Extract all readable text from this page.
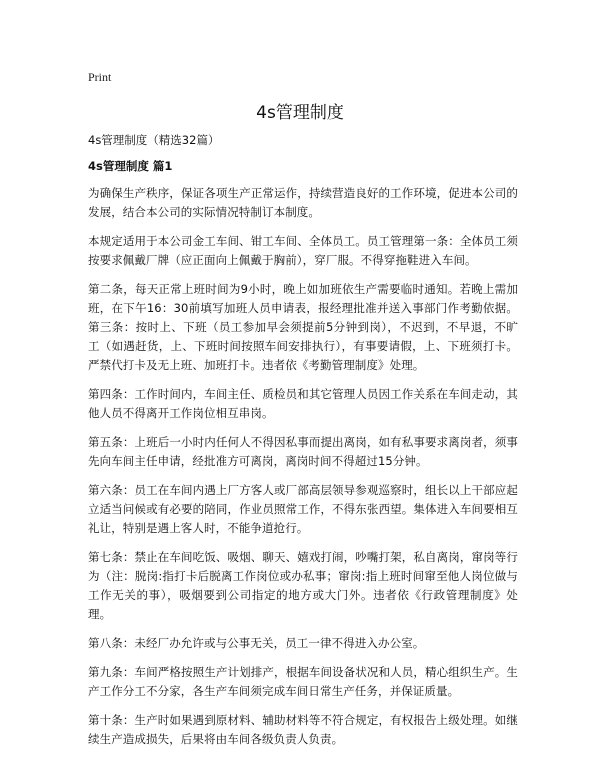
Print
4s管理制度

4s管理制度（精选32篇）

4s管理制度 篇1

为确保生产秩序，保证各项生产正常运作，持续营造良好的工作环境，促进本公司的发展，结合本公司的实际情况特制订本制度。

本规定适用于本公司金工车间、钳工车间、全体员工。员工管理第一条：全体员工须按要求佩戴厂牌（应正面向上佩戴于胸前），穿厂服。不得穿拖鞋进入车间。

第二条，每天正常上班时间为9小时，晚上如加班依生产需要临时通知。若晚上需加班，在下午16：30前填写加班人员申请表，报经理批准并送入事部门作考勤依据。第三条：按时上、下班（员工参加早会须提前5分钟到岗），不迟到，不早退，不旷工（如遇赶货，上、下班时间按照车间安排执行），有事要请假，上、下班须打卡。严禁代打卡及无上班、加班打卡。违者依《考勤管理制度》处理。

第四条：工作时间内，车间主任、质检员和其它管理人员因工作关系在车间走动，其他人员不得离开工作岗位相互串岗。

第五条：上班后一小时内任何人不得因私事而提出离岗，如有私事要求离岗者，须事先向车间主任申请，经批准方可离岗，离岗时间不得超过15分钟。

第六条：员工在车间内遇上厂方客人或厂部高层领导参观巡察时，组长以上干部应起立适当问候或有必要的陪同，作业员照常工作，不得东张西望。集体进入车间要相互礼让，特别是遇上客人时，不能争道抢行。

第七条：禁止在车间吃饭、吸烟、聊天、嬉戏打闹，吵嘴打架，私自离岗，窜岗等行为（注：脱岗:指打卡后脱离工作岗位或办私事；窜岗:指上班时间窜至他人岗位做与工作无关的事），吸烟要到公司指定的地方或大门外。违者依《行政管理制度》处理。

第八条：未经厂办允许或与公事无关，员工一律不得进入办公室。

第九条：车间严格按照生产计划排产，根据车间设备状况和人员，精心组织生产。生产工作分工不分家，各生产车间须完成车间日常生产任务，并保证质量。

第十条：生产时如果遇到原材料、辅助材料等不符合规定，有权报告上级处理。如继续生产造成损失，后果将由车间各级负责人负责。
